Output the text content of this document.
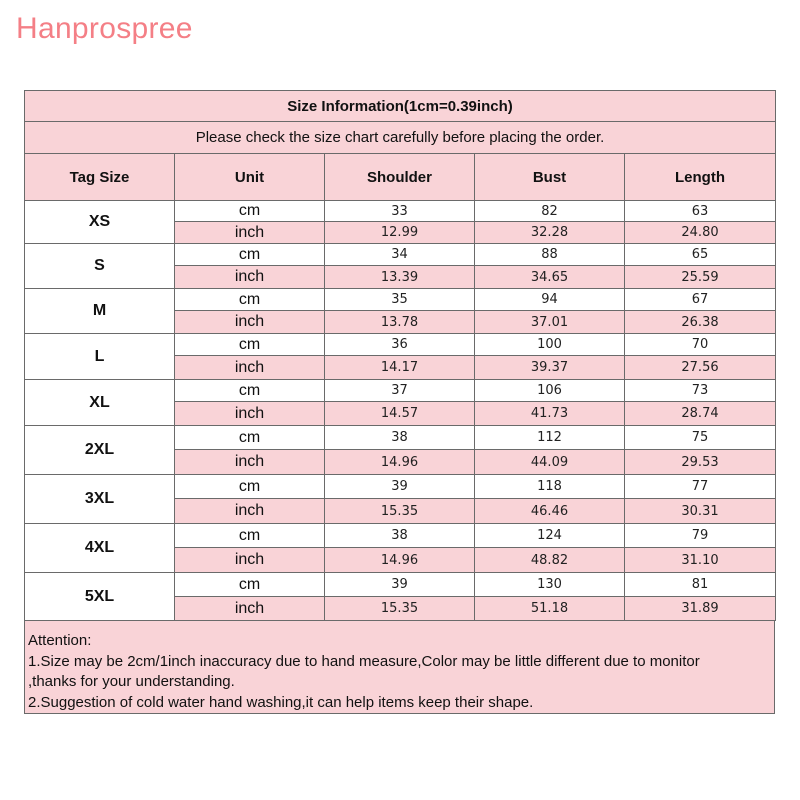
Hanprospree
Size Information(1cm=0.39inch)				
Please check the size chart carefully before placing the order.				
Tag Size	Unit	Shoulder	Bust	Length
XS	cm	33	82	63
	inch	12.99	32.28	24.80
S	cm	34	88	65
	inch	13.39	34.65	25.59
M	cm	35	94	67
	inch	13.78	37.01	26.38
L	cm	36	100	70
	inch	14.17	39.37	27.56
XL	cm	37	106	73
	inch	14.57	41.73	28.74
2XL	cm	38	112	75
	inch	14.96	44.09	29.53
3XL	cm	39	118	77
	inch	15.35	46.46	30.31
4XL	cm	38	124	79
	inch	14.96	48.82	31.10
5XL	cm	39	130	81
	inch	15.35	51.18	31.89
Attention:
1.Size may be 2cm/1inch inaccuracy due to hand measure,Color may be little different due to monitor
,thanks for your understanding.
2.Suggestion of cold water hand washing,it can help items keep their shape.
